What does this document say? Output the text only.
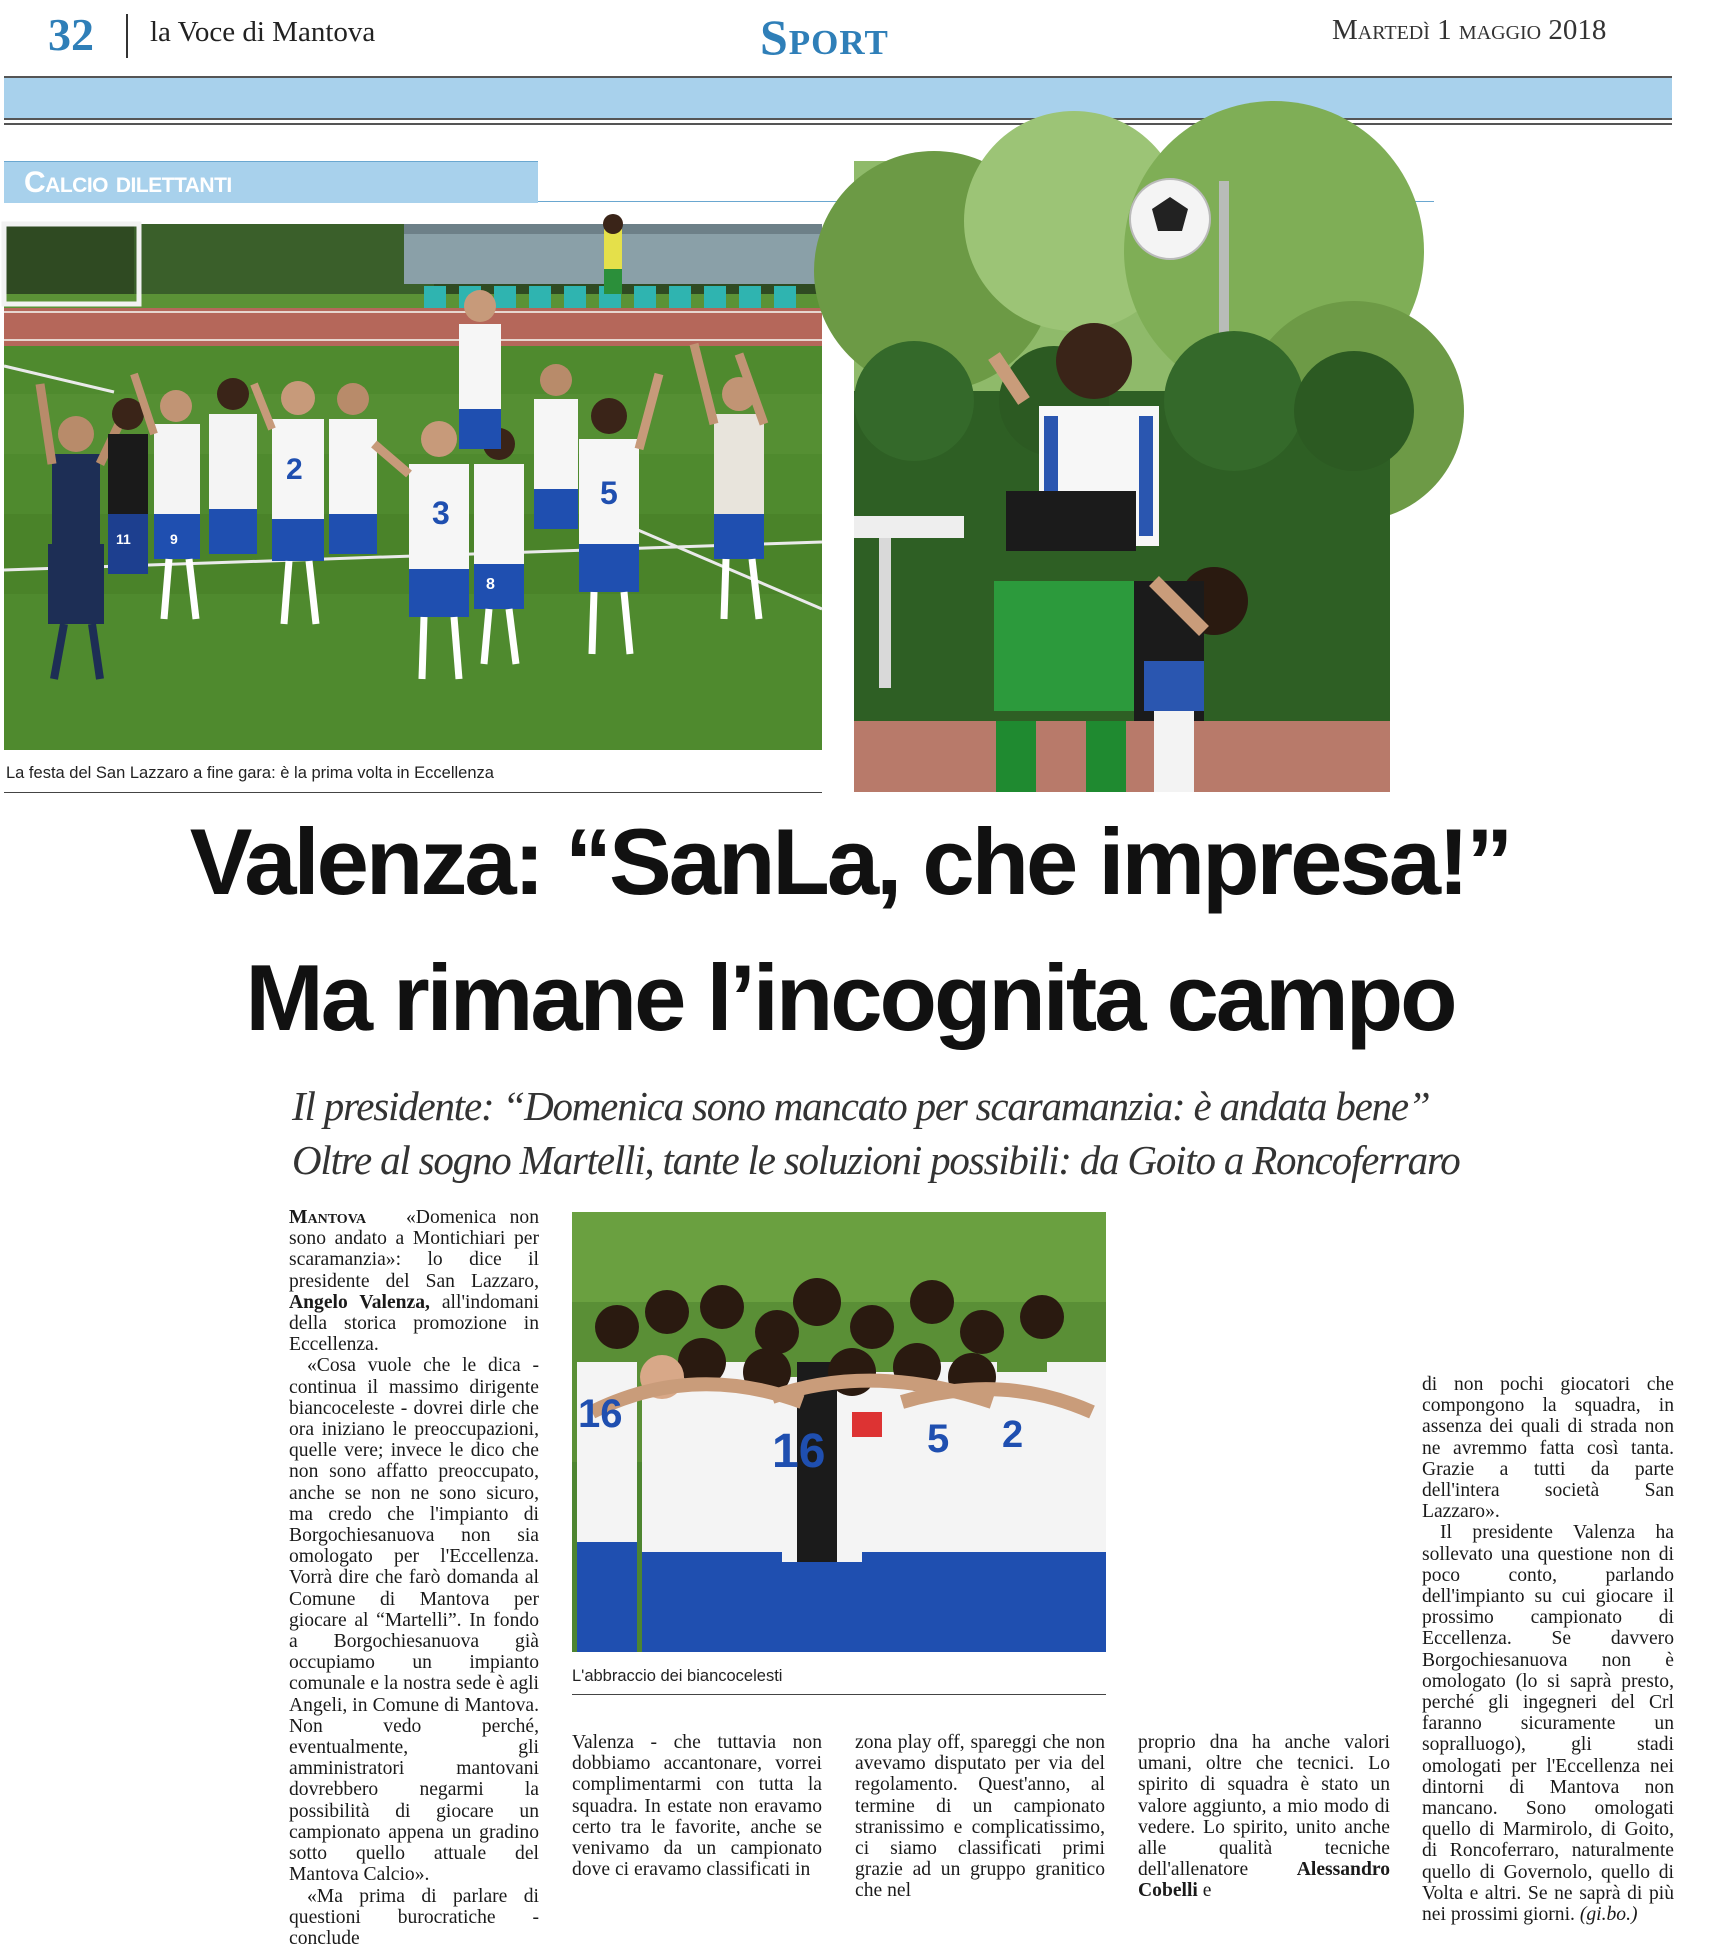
32 la Voce di Mantova	Sport	Martedì 1 maggio 2018
Calcio dilettanti
2
3
8
5
9
11
La festa del San Lazzaro a fine gara: è la prima volta in Eccellenza
Valenza: “SanLa, che impresa!”
Ma rimane l’incognita campo
Il presidente: “Domenica sono mancato per scaramanzia: è andata bene”
Oltre al sogno Martelli, tante le soluzioni possibili: da Goito a Roncoferraro

Mantova «Domenica non sono andato a Montichiari per scaramanzia»: lo dice il presidente del San Lazzaro, Angelo Valenza, all'indomani della storica promozione in Eccellenza.

«Cosa vuole che le dica - continua il massimo dirigente biancoceleste - dovrei dirle che ora iniziano le preoccupazioni, quelle vere; invece le dico che non sono affatto preoccupato, anche se non ne sono sicuro, ma credo che l'impianto di Borgochiesanuova non sia omologato per l'Eccellenza. Vorrà dire che farò domanda al Comune di Mantova per giocare al “Martelli”. In fondo a Borgochiesanuova già occupiamo un impianto comunale e la nostra sede è agli Angeli, in Comune di Mantova. Non vedo perché, eventualmente, gli amministratori mantovani dovrebbero negarmi la possibilità di giocare un campionato appena un gradino sotto quello attuale del Mantova Calcio».

«Ma prima di parlare di questioni burocratiche - conclude

16	5 2
16
L'abbraccio dei biancocelesti

Valenza - che tuttavia non dobbiamo accantonare, vorrei complimentarmi con tutta la squadra. In estate non eravamo certo tra le favorite, anche se venivamo da un campionato dove ci eravamo classificati in

zona play off, spareggi che non avevamo disputato per via del regolamento. Quest'anno, al termine di un campionato stranissimo e complicatissimo, ci siamo classificati primi grazie ad un gruppo granitico che nel

proprio dna ha anche valori umani, oltre che tecnici. Lo spirito di squadra è stato un valore aggiunto, a mio modo di vedere. Lo spirito, unito anche alle qualità tecniche dell'allenatore Alessandro Cobelli e

di non pochi giocatori che compongono la squadra, in assenza dei quali di strada non ne avremmo fatta così tanta. Grazie a tutti da parte dell'intera società San Lazzaro».

Il presidente Valenza ha sollevato una questione non di poco conto, parlando dell'impianto su cui giocare il prossimo campionato di Eccellenza. Se davvero Borgochiesanuova non è omologato (lo si saprà presto, perché gli ingegneri del Crl faranno sicuramente un sopralluogo), gli stadi omologati per l'Eccellenza nei dintorni di Mantova non mancano. Sono omologati quello di Marmirolo, di Goito, di Roncoferraro, naturalmente quello di Governolo, quello di Volta e altri. Se ne saprà di più nei prossimi giorni. (gi.bo.)
